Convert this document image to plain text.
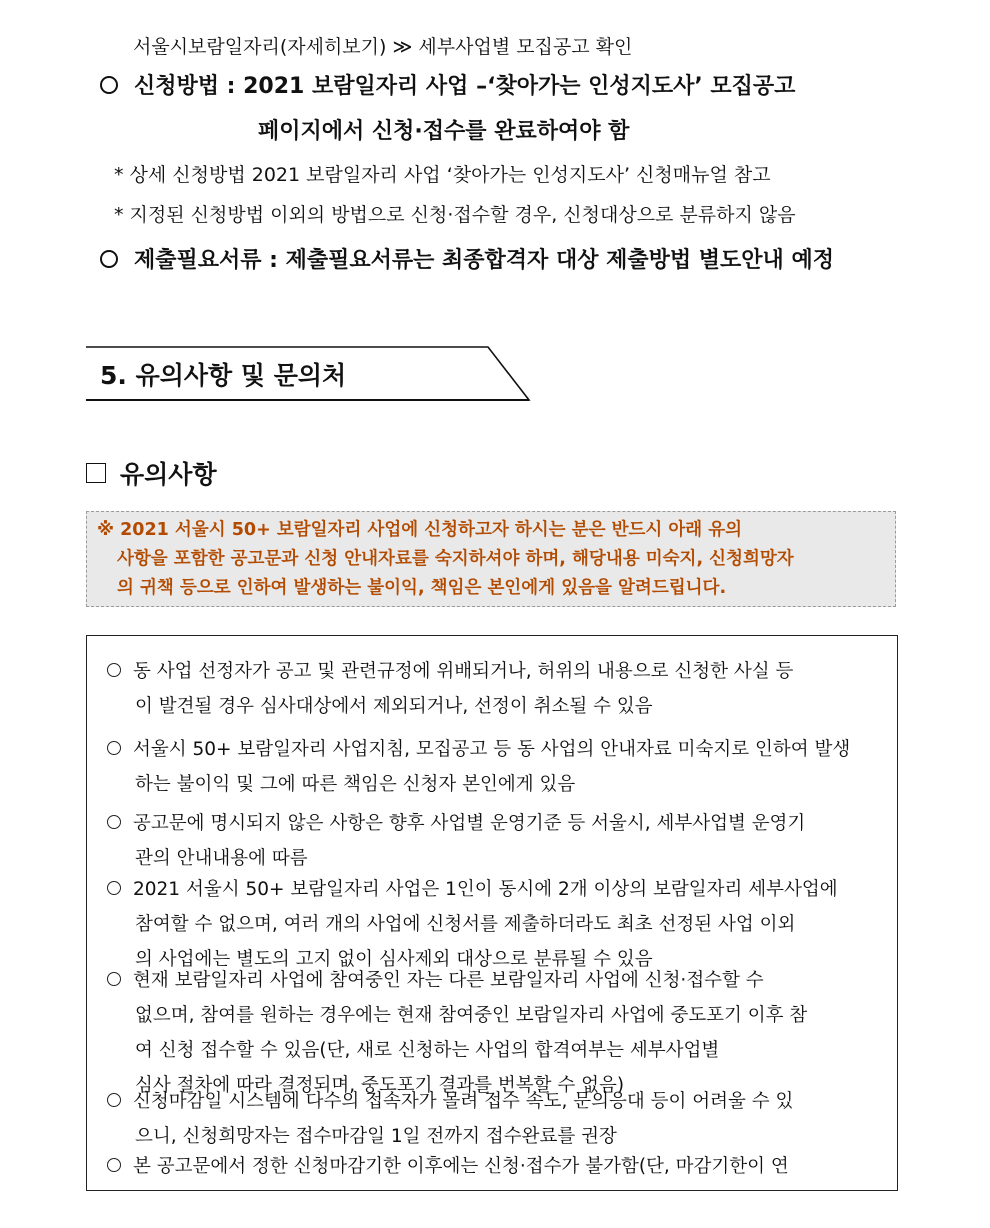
서울시보람일자리(자세히보기) ≫ 세부사업별 모집공고 확인
신청방법 : 2021 보람일자리 사업 –‘찾아가는 인성지도사’ 모집공고
페이지에서 신청·접수를 완료하여야 함
* 상세 신청방법 2021 보람일자리 사업 ‘찾아가는 인성지도사’ 신청매뉴얼 참고
* 지정된 신청방법 이외의 방법으로 신청·접수할 경우, 신청대상으로 분류하지 않음
제출필요서류 : 제출필요서류는 최종합격자 대상 제출방법 별도안내 예정
5. 유의사항 및 문의처
유의사항
※ 2021 서울시 50+ 보람일자리 사업에 신청하고자 하시는 분은 반드시 아래 유의
사항을 포함한 공고문과 신청 안내자료를 숙지하셔야 하며, 해당내용 미숙지, 신청희망자
의 귀책 등으로 인하여 발생하는 불이익, 책임은 본인에게 있음을 알려드립니다.
동 사업 선정자가 공고 및 관련규정에 위배되거나, 허위의 내용으로 신청한 사실 등
이 발견될 경우 심사대상에서 제외되거나, 선정이 취소될 수 있음
서울시 50+ 보람일자리 사업지침, 모집공고 등 동 사업의 안내자료 미숙지로 인하여 발생
하는 불이익 및 그에 따른 책임은 신청자 본인에게 있음
공고문에 명시되지 않은 사항은 향후 사업별 운영기준 등 서울시, 세부사업별 운영기
관의 안내내용에 따름
2021 서울시 50+ 보람일자리 사업은 1인이 동시에 2개 이상의 보람일자리 세부사업에
참여할 수 없으며, 여러 개의 사업에 신청서를 제출하더라도 최초 선정된 사업 이외
의 사업에는 별도의 고지 없이 심사제외 대상으로 분류될 수 있음
현재 보람일자리 사업에 참여중인 자는 다른 보람일자리 사업에 신청·접수할 수
없으며, 참여를 원하는 경우에는 현재 참여중인 보람일자리 사업에 중도포기 이후 참
여 신청 접수할 수 있음(단, 새로 신청하는 사업의 합격여부는 세부사업별
심사 절차에 따라 결정되며, 중도포기 결과를 번복할 수 없음)
신청마감일 시스템에 다수의 접속자가 몰려 접수 속도, 문의응대 등이 어려울 수 있
으니, 신청희망자는 접수마감일 1일 전까지 접수완료를 권장
본 공고문에서 정한 신청마감기한 이후에는 신청·접수가 불가함(단, 마감기한이 연
